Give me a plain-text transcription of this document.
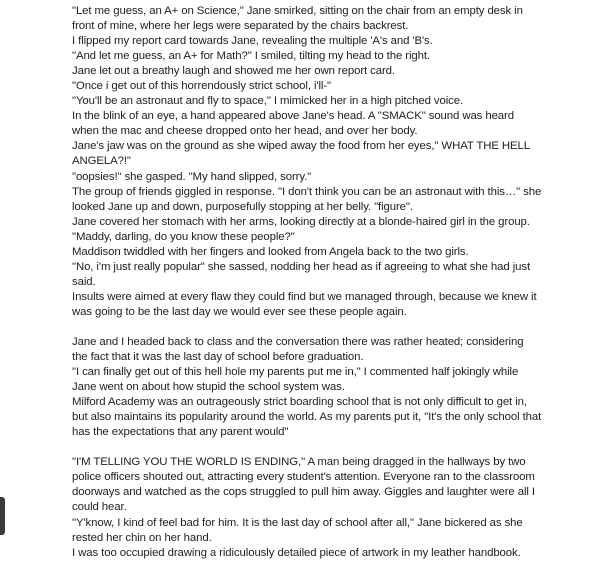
"Let me guess, an A+ on Science," Jane smirked, sitting on the chair from an empty desk in front of mine, where her legs were separated by the chairs backrest.

I flipped my report card towards Jane, revealing the multiple 'A's and 'B's.

"And let me guess, an A+ for Math?" I smiled, tilting my head to the right.

Jane let out a breathy laugh and showed me her own report card.

"Once i get out of this horrendously strict school, i'll-"

"You'll be an astronaut and fly to space," I mimicked her in a high pitched voice.

In the blink of an eye, a hand appeared above Jane's head. A "SMACK" sound was heard when the mac and cheese dropped onto her head, and over her body.

Jane's jaw was on the ground as she wiped away the food from her eyes," WHAT THE HELL ANGELA?!"

"oopsies!" she gasped. "My hand slipped, sorry."

The group of friends giggled in response. "I don't think you can be an astronaut with this…" she looked Jane up and down, purposefully stopping at her belly. "figure".

Jane covered her stomach with her arms, looking directly at a blonde-haired girl in the group.

"Maddy, darling, do you know these people?"

Maddison twiddled with her fingers and looked from Angela back to the two girls.

"No, i'm just really popular" she sassed, nodding her head as if agreeing to what she had just said.

Insults were aimed at every flaw they could find but we managed through, because we knew it was going to be the last day we would ever see these people again.

Jane and I headed back to class and the conversation there was rather heated; considering the fact that it was the last day of school before graduation.

"I can finally get out of this hell hole my parents put me in," I commented half jokingly while Jane went on about how stupid the school system was.

Milford Academy was an outrageously strict boarding school that is not only difficult to get in, but also maintains its popularity around the world. As my parents put it, "It's the only school that has the expectations that any parent would"

"I'M TELLING YOU THE WORLD IS ENDING," A man being dragged in the hallways by two police officers shouted out, attracting every student's attention. Everyone ran to the classroom doorways and watched as the cops struggled to pull him away. Giggles and laughter were all I could hear.

"Y'know, I kind of feel bad for him. It is the last day of school after all," Jane bickered as she rested her chin on her hand.

I was too occupied drawing a ridiculously detailed piece of artwork in my leather handbook.
